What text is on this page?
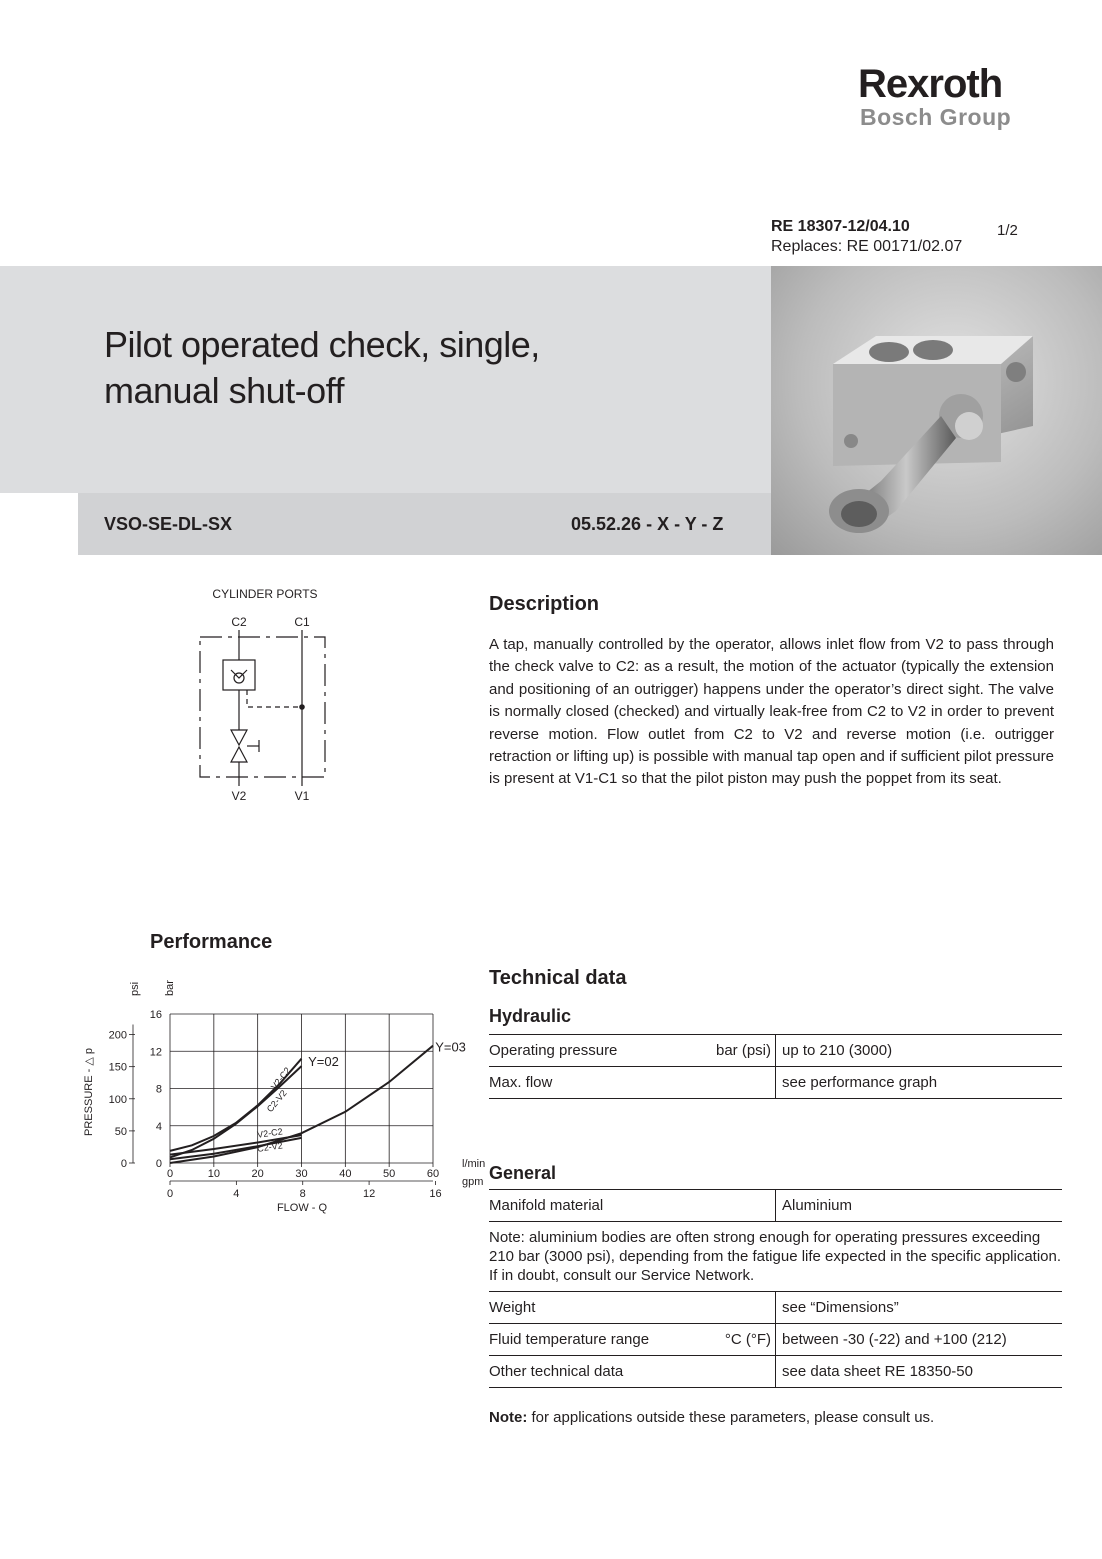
Rexroth
Bosch Group
RE 18307-12/04.10	1/2
Replaces: RE 00171/02.07
Pilot operated check, single,
manual shut-off
VSO-SE-DL-SX	05.52.26 - X - Y - Z
CYLINDER PORTS
C2	C1
V2	V1
Description
A tap, manually controlled by the operator, allows inlet flow from V2 to pass through the check valve to C2: as a result, the motion of the actuator (typically the extension and positioning of an outrigger) happens under the operator’s direct sight. The valve is normally closed (checked) and virtually leak-free from C2 to V2 in order to prevent reverse motion. Flow outlet from C2 to V2 and reverse motion (i.e. outrigger retraction or lifting up) is possible with manual tap open and if sufficient pilot pressure is present at V1-C1 so that the pilot piston may push the poppet from its seat.
Performance
0	10	20	30	40	50	60
0
4
8
12
16
0	4	8	12	16
0
50
100
150
200
Y=02
Y=03
V2-C2
C2-V2
V2-C2
C2-V2
FLOW - Q
PRESSURE - △ p
l/min
gpm
bar
psi	Technical data
Hydraulic
Operating pressure bar (psi)	up to 210 (3000)

Max. flow	see performance graph
General
Manifold material	Aluminium
Note: aluminium bodies are often strong enough for operating pressures exceeding 210 bar (3000 psi), depending from the fatigue life expected in the specific application. If in doubt, consult our Service Network.	

Weight	see “Dimensions”

Fluid temperature range °C (°F)	between -30 (-22) and +100 (212)

Other technical data	see data sheet RE 18350-50
Note: for applications outside these parameters, please consult us.
